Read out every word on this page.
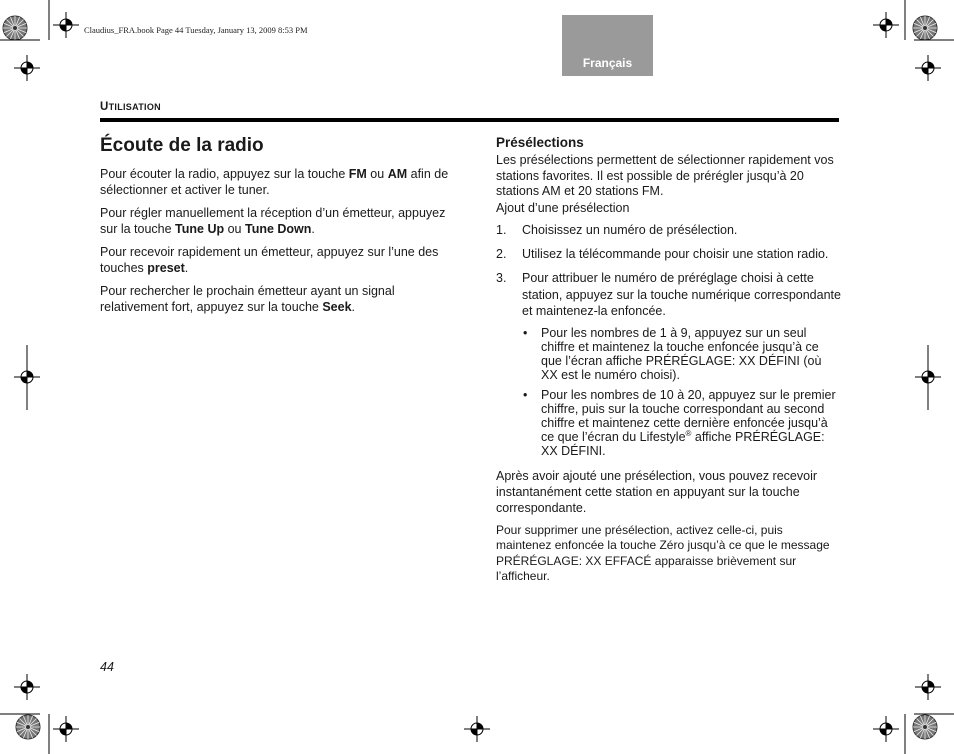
Claudius_FRA.book Page 44 Tuesday, January 13, 2009 8:53 PM
Français
UTILISATION
Écoute de la radio

Pour écouter la radio, appuyez sur la touche FM ou AM afin de sélectionner et activer le tuner.

Pour régler manuellement la réception d’un émetteur, appuyez sur la touche Tune Up ou Tune Down.

Pour recevoir rapidement un émetteur, appuyez sur l’une des touches preset.

Pour rechercher le prochain émetteur ayant un signal relativement fort, appuyez sur la touche Seek.

Présélections

Les présélections permettent de sélectionner rapidement vos stations favorites. Il est possible de prérégler jusqu’à 20 stations AM et 20 stations FM.

Ajout d’une présélection

1. Choisissez un numéro de présélection.
2. Utilisez la télécommande pour choisir une station radio.
3. Pour attribuer le numéro de préréglage choisi à cette station, appuyez sur la touche numérique correspondante et maintenez-la enfoncée.
• Pour les nombres de 1 à 9, appuyez sur un seul chiffre et maintenez la touche enfoncée jusqu’à ce que l’écran affiche PRÉRÉGLAGE: XX DÉFINI (où XX est le numéro choisi).
• Pour les nombres de 10 à 20, appuyez sur le premier chiffre, puis sur la touche correspondant au second chiffre et maintenez cette dernière enfoncée jusqu’à ce que l’écran du Lifestyle® affiche PRÉRÉGLAGE: XX DÉFINI.

Après avoir ajouté une présélection, vous pouvez recevoir instantanément cette station en appuyant sur la touche correspondante.

Pour supprimer une présélection, activez celle-ci, puis maintenez enfoncée la touche Zéro jusqu’à ce que le message PRÉRÉGLAGE: XX EFFACÉ apparaisse brièvement sur l’afficheur.

44
